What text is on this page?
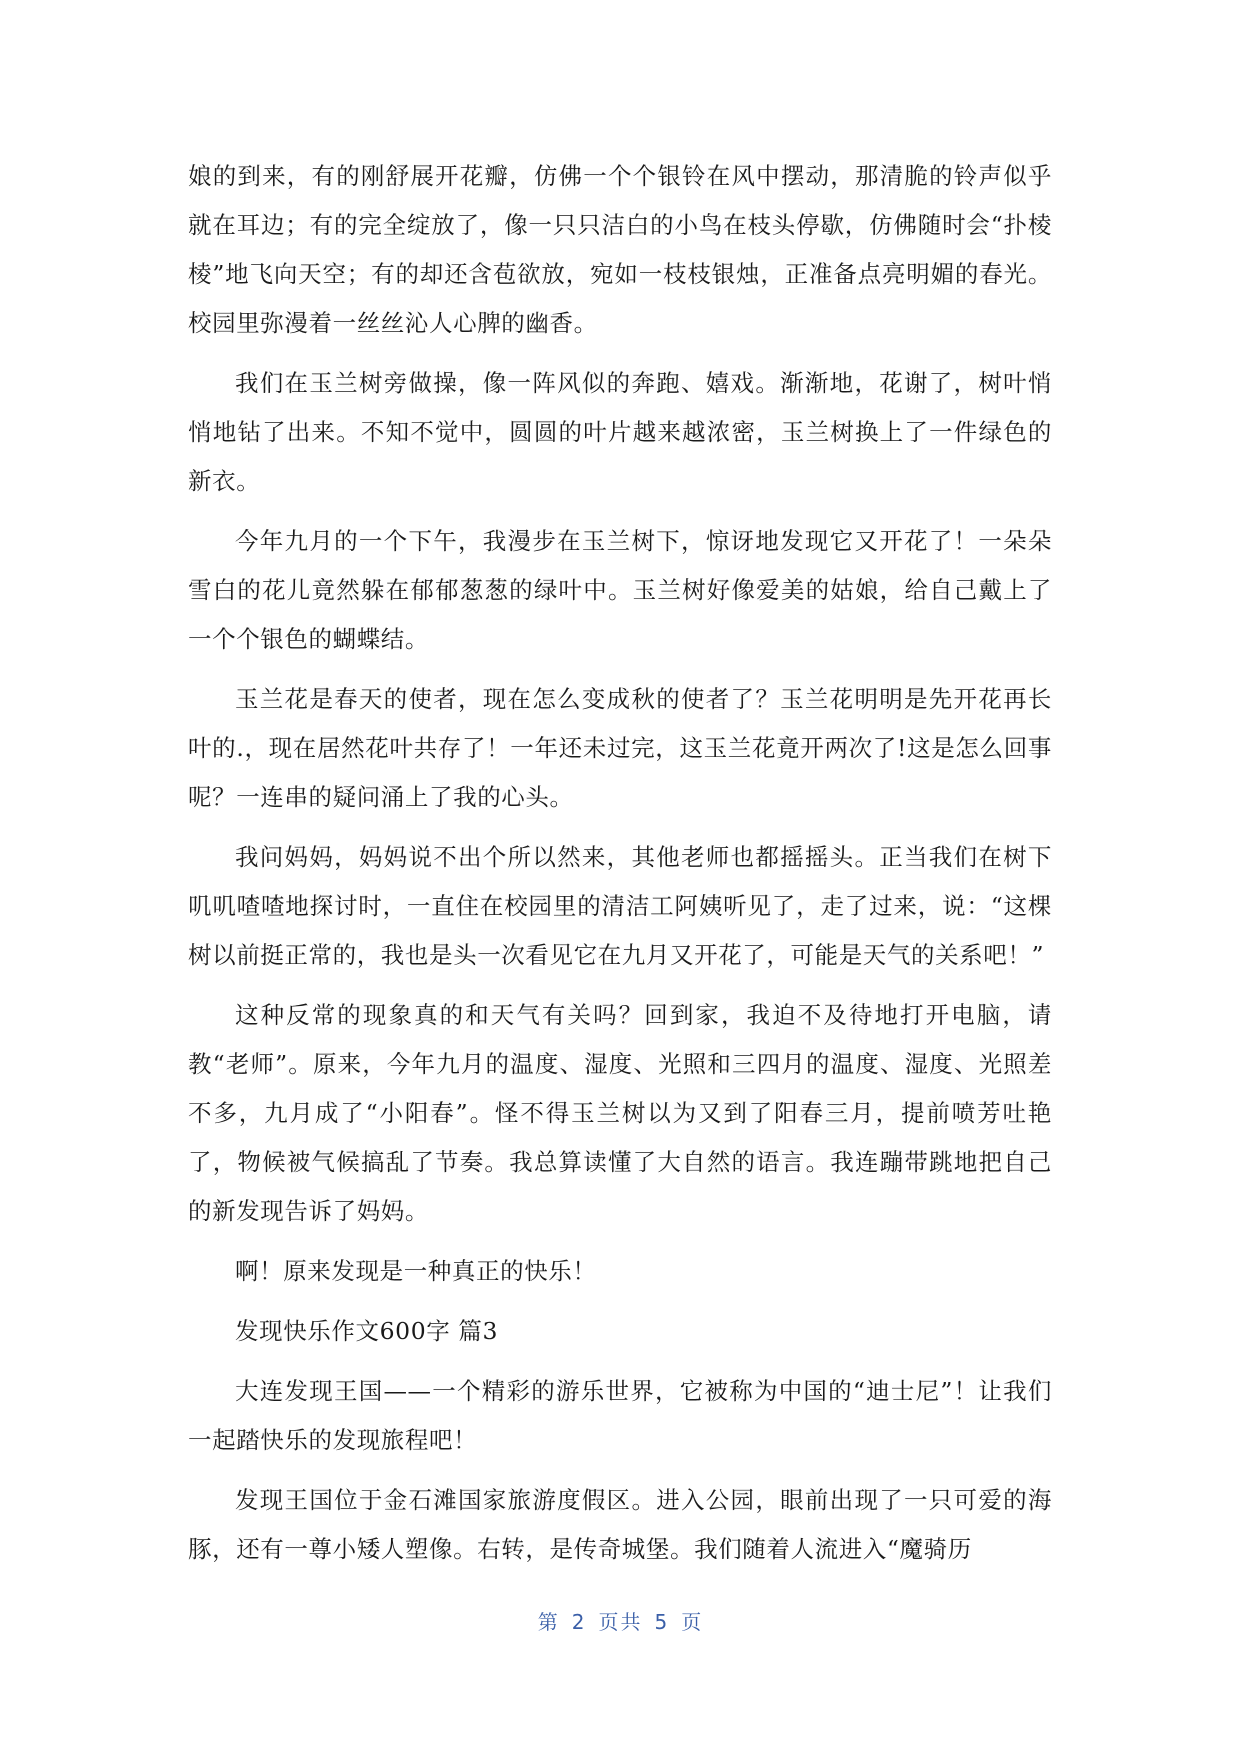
娘的到来，有的刚舒展开花瓣，仿佛一个个银铃在风中摆动，那清脆的铃声似乎就在耳边；有的完全绽放了，像一只只洁白的小鸟在枝头停歇，仿佛随时会“扑棱棱”地飞向天空；有的却还含苞欲放，宛如一枝枝银烛，正准备点亮明媚的春光。校园里弥漫着一丝丝沁人心脾的幽香。

我们在玉兰树旁做操，像一阵风似的奔跑、嬉戏。渐渐地，花谢了，树叶悄悄地钻了出来。不知不觉中，圆圆的叶片越来越浓密，玉兰树换上了一件绿色的新衣。

今年九月的一个下午，我漫步在玉兰树下，惊讶地发现它又开花了！一朵朵雪白的花儿竟然躲在郁郁葱葱的绿叶中。玉兰树好像爱美的姑娘，给自己戴上了一个个银色的蝴蝶结。

玉兰花是春天的使者，现在怎么变成秋的使者了？玉兰花明明是先开花再长叶的.，现在居然花叶共存了！一年还未过完，这玉兰花竟开两次了!这是怎么回事呢？一连串的疑问涌上了我的心头。

我问妈妈，妈妈说不出个所以然来，其他老师也都摇摇头。正当我们在树下叽叽喳喳地探讨时，一直住在校园里的清洁工阿姨听见了，走了过来，说：“这棵树以前挺正常的，我也是头一次看见它在九月又开花了，可能是天气的关系吧！”

这种反常的现象真的和天气有关吗？回到家，我迫不及待地打开电脑，请教“老师”。原来，今年九月的温度、湿度、光照和三四月的温度、湿度、光照差不多，九月成了“小阳春”。怪不得玉兰树以为又到了阳春三月，提前喷芳吐艳了，物候被气候搞乱了节奏。我总算读懂了大自然的语言。我连蹦带跳地把自己的新发现告诉了妈妈。

啊！原来发现是一种真正的快乐！

发现快乐作文600字 篇3

大连发现王国——一个精彩的游乐世界，它被称为中国的“迪士尼”！让我们一起踏快乐的发现旅程吧！

发现王国位于金石滩国家旅游度假区。进入公园，眼前出现了一只可爱的海豚，还有一尊小矮人塑像。右转，是传奇城堡。我们随着人流进入“魔骑历

第 2 页共 5 页
